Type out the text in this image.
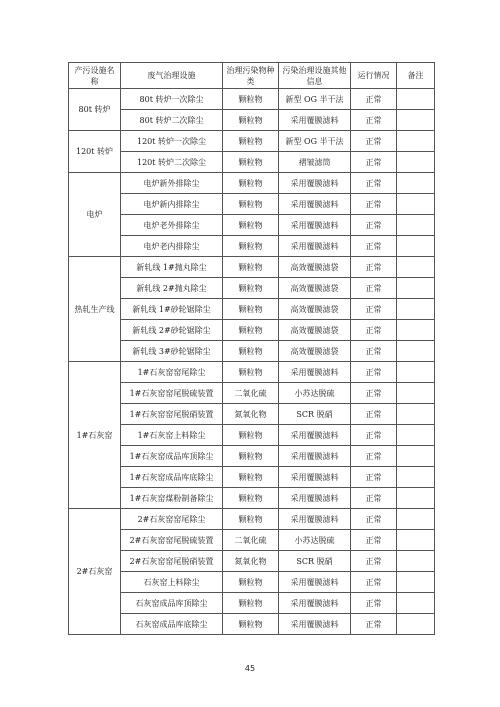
产污设施名称	废气治理设施	治理污染物种类	污染治理设施其他信息	运行情况	备注
80t 转炉	80t 转炉一次除尘	颗粒物	新型 OG 半干法	正常	
	80t 转炉二次除尘	颗粒物	采用覆膜滤料	正常	
120t 转炉	120t 转炉一次除尘	颗粒物	新型 OG 半干法	正常	
	120t 转炉二次除尘	颗粒物	褶皱滤筒	正常	
电炉	电炉新外排除尘	颗粒物	采用覆膜滤料	正常	
	电炉新内排除尘	颗粒物	采用覆膜滤料	正常	
	电炉老外排除尘	颗粒物	采用覆膜滤料	正常	
	电炉老内排除尘	颗粒物	采用覆膜滤料	正常	
热轧生产线	新轧线 1#抛丸除尘	颗粒物	高效覆膜滤袋	正常	
	新轧线 2#抛丸除尘	颗粒物	高效覆膜滤袋	正常	
	新轧线 1#砂轮锯除尘	颗粒物	高效覆膜滤袋	正常	
	新轧线 2#砂轮锯除尘	颗粒物	高效覆膜滤袋	正常	
	新轧线 3#砂轮锯除尘	颗粒物	高效覆膜滤袋	正常	
1#石灰窑	1#石灰窑窑尾除尘	颗粒物	采用覆膜滤料	正常	
	1#石灰窑窑尾脱硫装置	二氧化硫	小苏达脱硫	正常	
	1#石灰窑窑尾脱硝装置	氮氧化物	SCR 脱硝	正常	
	1#石灰窑上料除尘	颗粒物	采用覆膜滤料	正常	
	1#石灰窑成品库顶除尘	颗粒物	采用覆膜滤料	正常	
	1#石灰窑成品库底除尘	颗粒物	采用覆膜滤料	正常	
	1#石灰窑煤粉制备除尘	颗粒物	采用覆膜滤料	正常	
2#石灰窑	2#石灰窑窑尾除尘	颗粒物	采用覆膜滤料	正常	
	2#石灰窑窑尾脱硫装置	二氧化硫	小苏达脱硫	正常	
	2#石灰窑窑尾脱硝装置	氮氧化物	SCR 脱硝	正常	
	石灰窑上料除尘	颗粒物	采用覆膜滤料	正常	
	石灰窑成品库顶除尘	颗粒物	采用覆膜滤料	正常	
	石灰窑成品库底除尘	颗粒物	采用覆膜滤料	正常	
45
